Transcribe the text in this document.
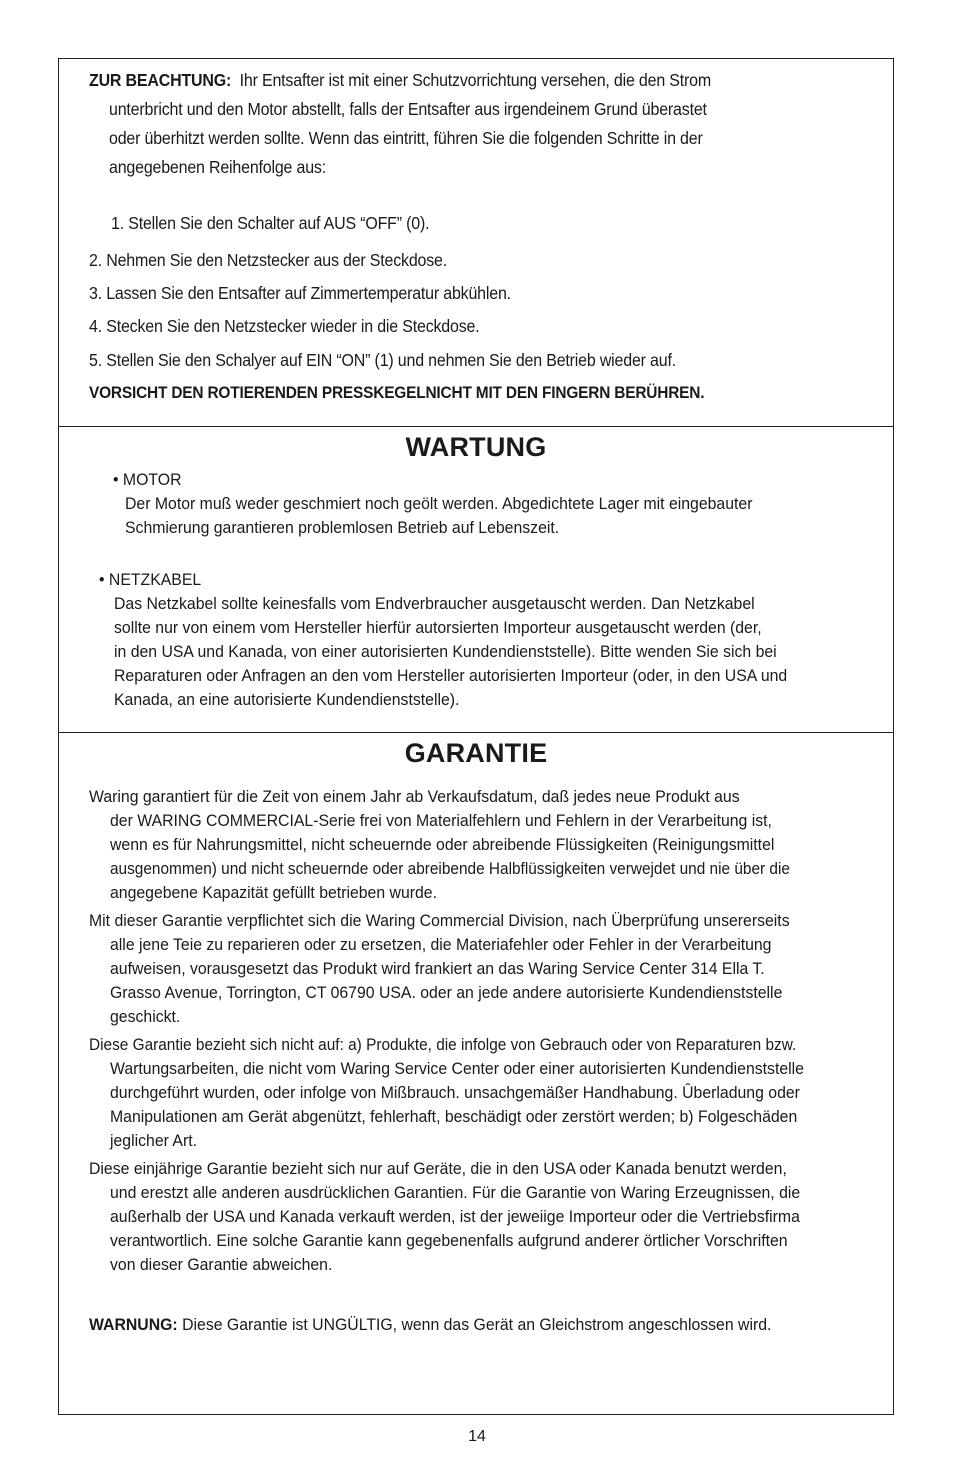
ZUR BEACHTUNG: Ihr Entsafter ist mit einer Schutzvorrichtung versehen, die den Strom
unterbricht und den Motor abstellt, falls der Entsafter aus irgendeinem Grund überastet
oder überhitzt werden sollte. Wenn das eintritt, führen Sie die folgenden Schritte in der
angegebenen Reihenfolge aus:
1. Stellen Sie den Schalter auf AUS “OFF” (0).
2. Nehmen Sie den Netzstecker aus der Steckdose.
3. Lassen Sie den Entsafter auf Zimmertemperatur abkühlen.
4. Stecken Sie den Netzstecker wieder in die Steckdose.
5. Stellen Sie den Schalyer auf EIN “ON” (1) und nehmen Sie den Betrieb wieder auf.
VORSICHT DEN ROTIERENDEN PRESSKEGELNICHT MIT DEN FINGERN BERÜHREN.
WARTUNG
• MOTOR
Der Motor muß weder geschmiert noch geölt werden. Abgedichtete Lager mit eingebauter
Schmierung garantieren problemlosen Betrieb auf Lebenszeit.
• NETZKABEL
Das Netzkabel sollte keinesfalls vom Endverbraucher ausgetauscht werden. Dan Netzkabel
sollte nur von einem vom Hersteller hierfür autorsierten Importeur ausgetauscht werden (der,
in den USA und Kanada, von einer autorisierten Kundendienststelle). Bitte wenden Sie sich bei
Reparaturen oder Anfragen an den vom Hersteller autorisierten Importeur (oder, in den USA und
Kanada, an eine autorisierte Kundendienststelle).
GARANTIE
Waring garantiert für die Zeit von einem Jahr ab Verkaufsdatum, daß jedes neue Produkt aus
der WARING COMMERCIAL-Serie frei von Materialfehlern und Fehlern in der Verarbeitung ist,
wenn es für Nahrungsmittel, nicht scheuernde oder abreibende Flüssigkeiten (Reinigungsmittel
ausgenommen) und nicht scheuernde oder abreibende Halbflüssigkeiten verwejdet und nie über die
angegebene Kapazität gefüllt betrieben wurde.
Mit dieser Garantie verpflichtet sich die Waring Commercial Division, nach Überprüfung unsererseits
alle jene Teie zu reparieren oder zu ersetzen, die Materiafehler oder Fehler in der Verarbeitung
aufweisen, vorausgesetzt das Produkt wird frankiert an das Waring Service Center 314 Ella T.
Grasso Avenue, Torrington, CT 06790 USA. oder an jede andere autorisierte Kundendienststelle
geschickt.
Diese Garantie bezieht sich nicht auf: a) Produkte, die infolge von Gebrauch oder von Reparaturen bzw.
Wartungsarbeiten, die nicht vom Waring Service Center oder einer autorisierten Kundendienststelle
durchgeführt wurden, oder infolge von Mißbrauch. unsachgemäßer Handhabung. Ûberladung oder
Manipulationen am Gerät abgenützt, fehlerhaft, beschädigt oder zerstört werden; b) Folgeschäden
jeglicher Art.
Diese einjährige Garantie bezieht sich nur auf Geräte, die in den USA oder Kanada benutzt werden,
und erestzt alle anderen ausdrücklichen Garantien. Für die Garantie von Waring Erzeugnissen, die
außerhalb der USA und Kanada verkauft werden, ist der jeweiige Importeur oder die Vertriebsfirma
verantwortlich. Eine solche Garantie kann gegebenenfalls aufgrund anderer örtlicher Vorschriften
von dieser Garantie abweichen.
WARNUNG: Diese Garantie ist UNGÜLTIG, wenn das Gerät an Gleichstrom angeschlossen wird.
14
